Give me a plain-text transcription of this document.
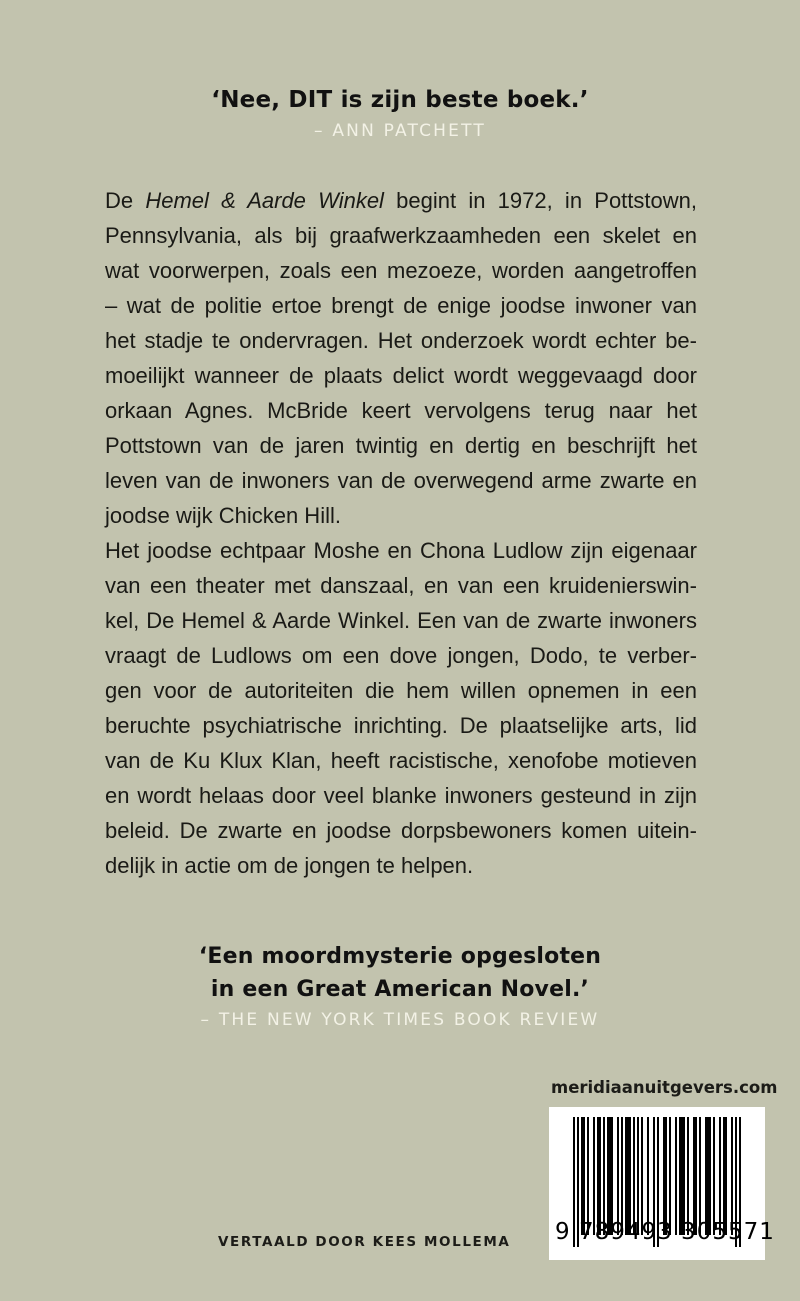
‘Nee, DIT is zijn beste boek.’
– ANN PATCHETT
De Hemel & Aarde Winkel begint in 1972, in Pottstown,
Pennsylvania, als bij graafwerkzaamheden een skelet en
wat voorwerpen, zoals een mezoeze, worden aangetroffen
– wat de politie ertoe brengt de enige joodse inwoner van
het stadje te ondervragen. Het onderzoek wordt echter be-
moeilijkt wanneer de plaats delict wordt weggevaagd door
orkaan Agnes. McBride keert vervolgens terug naar het
Pottstown van de jaren twintig en dertig en beschrijft het
leven van de inwoners van de overwegend arme zwarte en
joodse wijk Chicken Hill.
Het joodse echtpaar Moshe en Chona Ludlow zijn eigenaar
van een theater met danszaal, en van een kruidenierswin-
kel, De Hemel & Aarde Winkel. Een van de zwarte inwoners
vraagt de Ludlows om een dove jongen, Dodo, te verber-
gen voor de autoriteiten die hem willen opnemen in een
beruchte psychiatrische inrichting. De plaatselijke arts, lid
van de Ku Klux Klan, heeft racistische, xenofobe motieven
en wordt helaas door veel blanke inwoners gesteund in zijn
beleid. De zwarte en joodse dorpsbewoners komen uitein-
delijk in actie om de jongen te helpen.
‘Een moordmysterie opgesloten
in een Great American Novel.’
– THE NEW YORK TIMES BOOK REVIEW
meridiaanuitgevers.com
9 789493 305571
VERTAALD DOOR KEES MOLLEMA
